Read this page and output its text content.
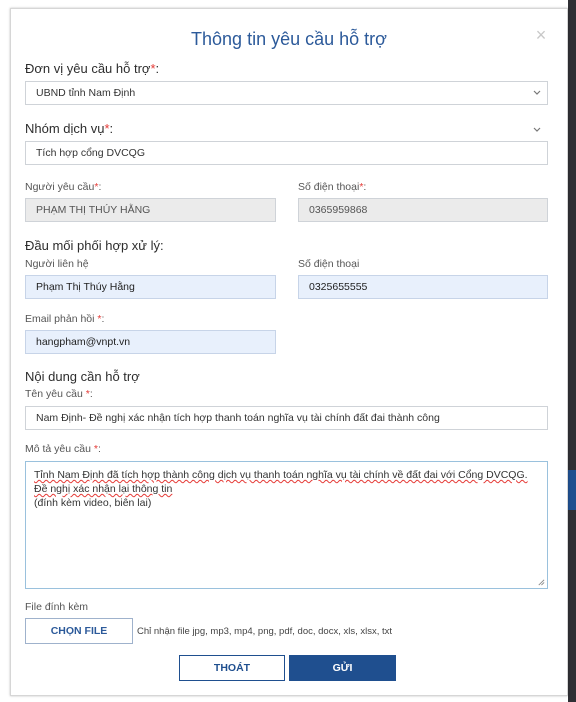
Thông tin yêu cầu hỗ trợ	×
Đơn vị yêu cầu hỗ trợ*:
UBND tỉnh Nam Định
Nhóm dịch vụ*:
Tích hợp cổng DVCQG
Người yêu cầu*:
PHẠM THỊ THÚY HẰNG
Số điện thoại*:
0365959868
Đầu mối phối hợp xử lý:
Người liên hệ
Phạm Thị Thúy Hằng
Số điện thoại
0325655555
Email phản hồi *:
hangpham@vnpt.vn
Nội dung cần hỗ trợ
Tên yêu cầu *:
Nam Định- Đề nghị xác nhận tích hợp thanh toán nghĩa vụ tài chính đất đai thành công
Mô tả yêu cầu *:
Tỉnh Nam Định đã tích hợp thành công dịch vụ thanh toán nghĩa vụ tài chính về đất đai với Cổng DVCQG.
Đề nghị xác nhận lại thông tin
(đính kèm video, biên lai)
File đính kèm
CHỌN FILE	Chỉ nhận file jpg, mp3, mp4, png, pdf, doc, docx, xls, xlsx, txt
THOÁT	GỬI
